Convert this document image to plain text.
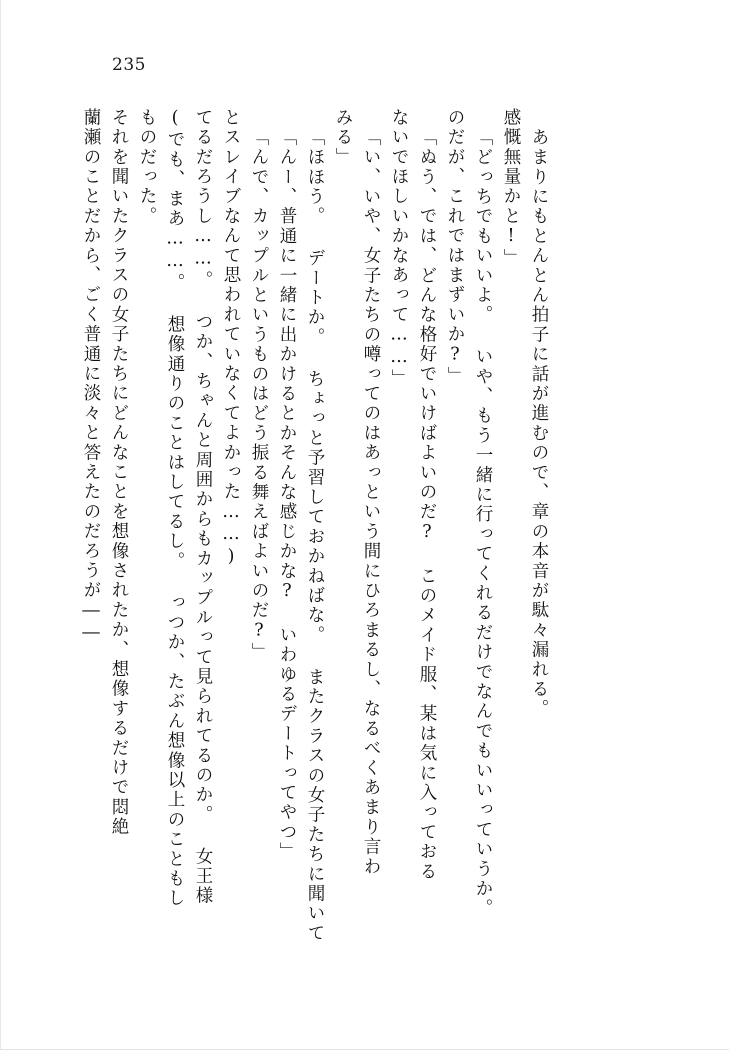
235
蘭瀬のことだから、ごく普通に淡々と答えたのだろうが―― それを聞いたクラスの女子たちにどんなことを想像されたか、想像するだけで悶絶 ものだった。 (でも、まあ……。 想像通りのことはしてるし。 っつか、たぶん想像以上のこともし てるだろうし……。 つか、ちゃんと周囲からもカップルって見られてるのか。 女王様 とスレイブなんて思われていなくてよかった……) 「んで、カップルというものはどう振る舞えばよいのだ?」 「んー、普通に一緒に出かけるとかそんな感じかな? いわゆるデートってやつ」 「ほほう。 デートか。 ちょっと予習しておかねばな。 またクラスの女子たちに聞いて みる」 「い、いや、女子たちの噂ってのはあっという間にひろまるし、なるべくあまり言わ ないでほしいかなあって……」 「ぬう、では、どんな格好でいけばよいのだ? このメイド服、某は気に入っておる のだが、これではまずいか?」 「どっちでもいいよ。 いや、もう一緒に行ってくれるだけでなんでもいいっていうか。 感慨無量かと!」 あまりにもとんとん拍子に話が進むので、章の本音が駄々漏れる。
